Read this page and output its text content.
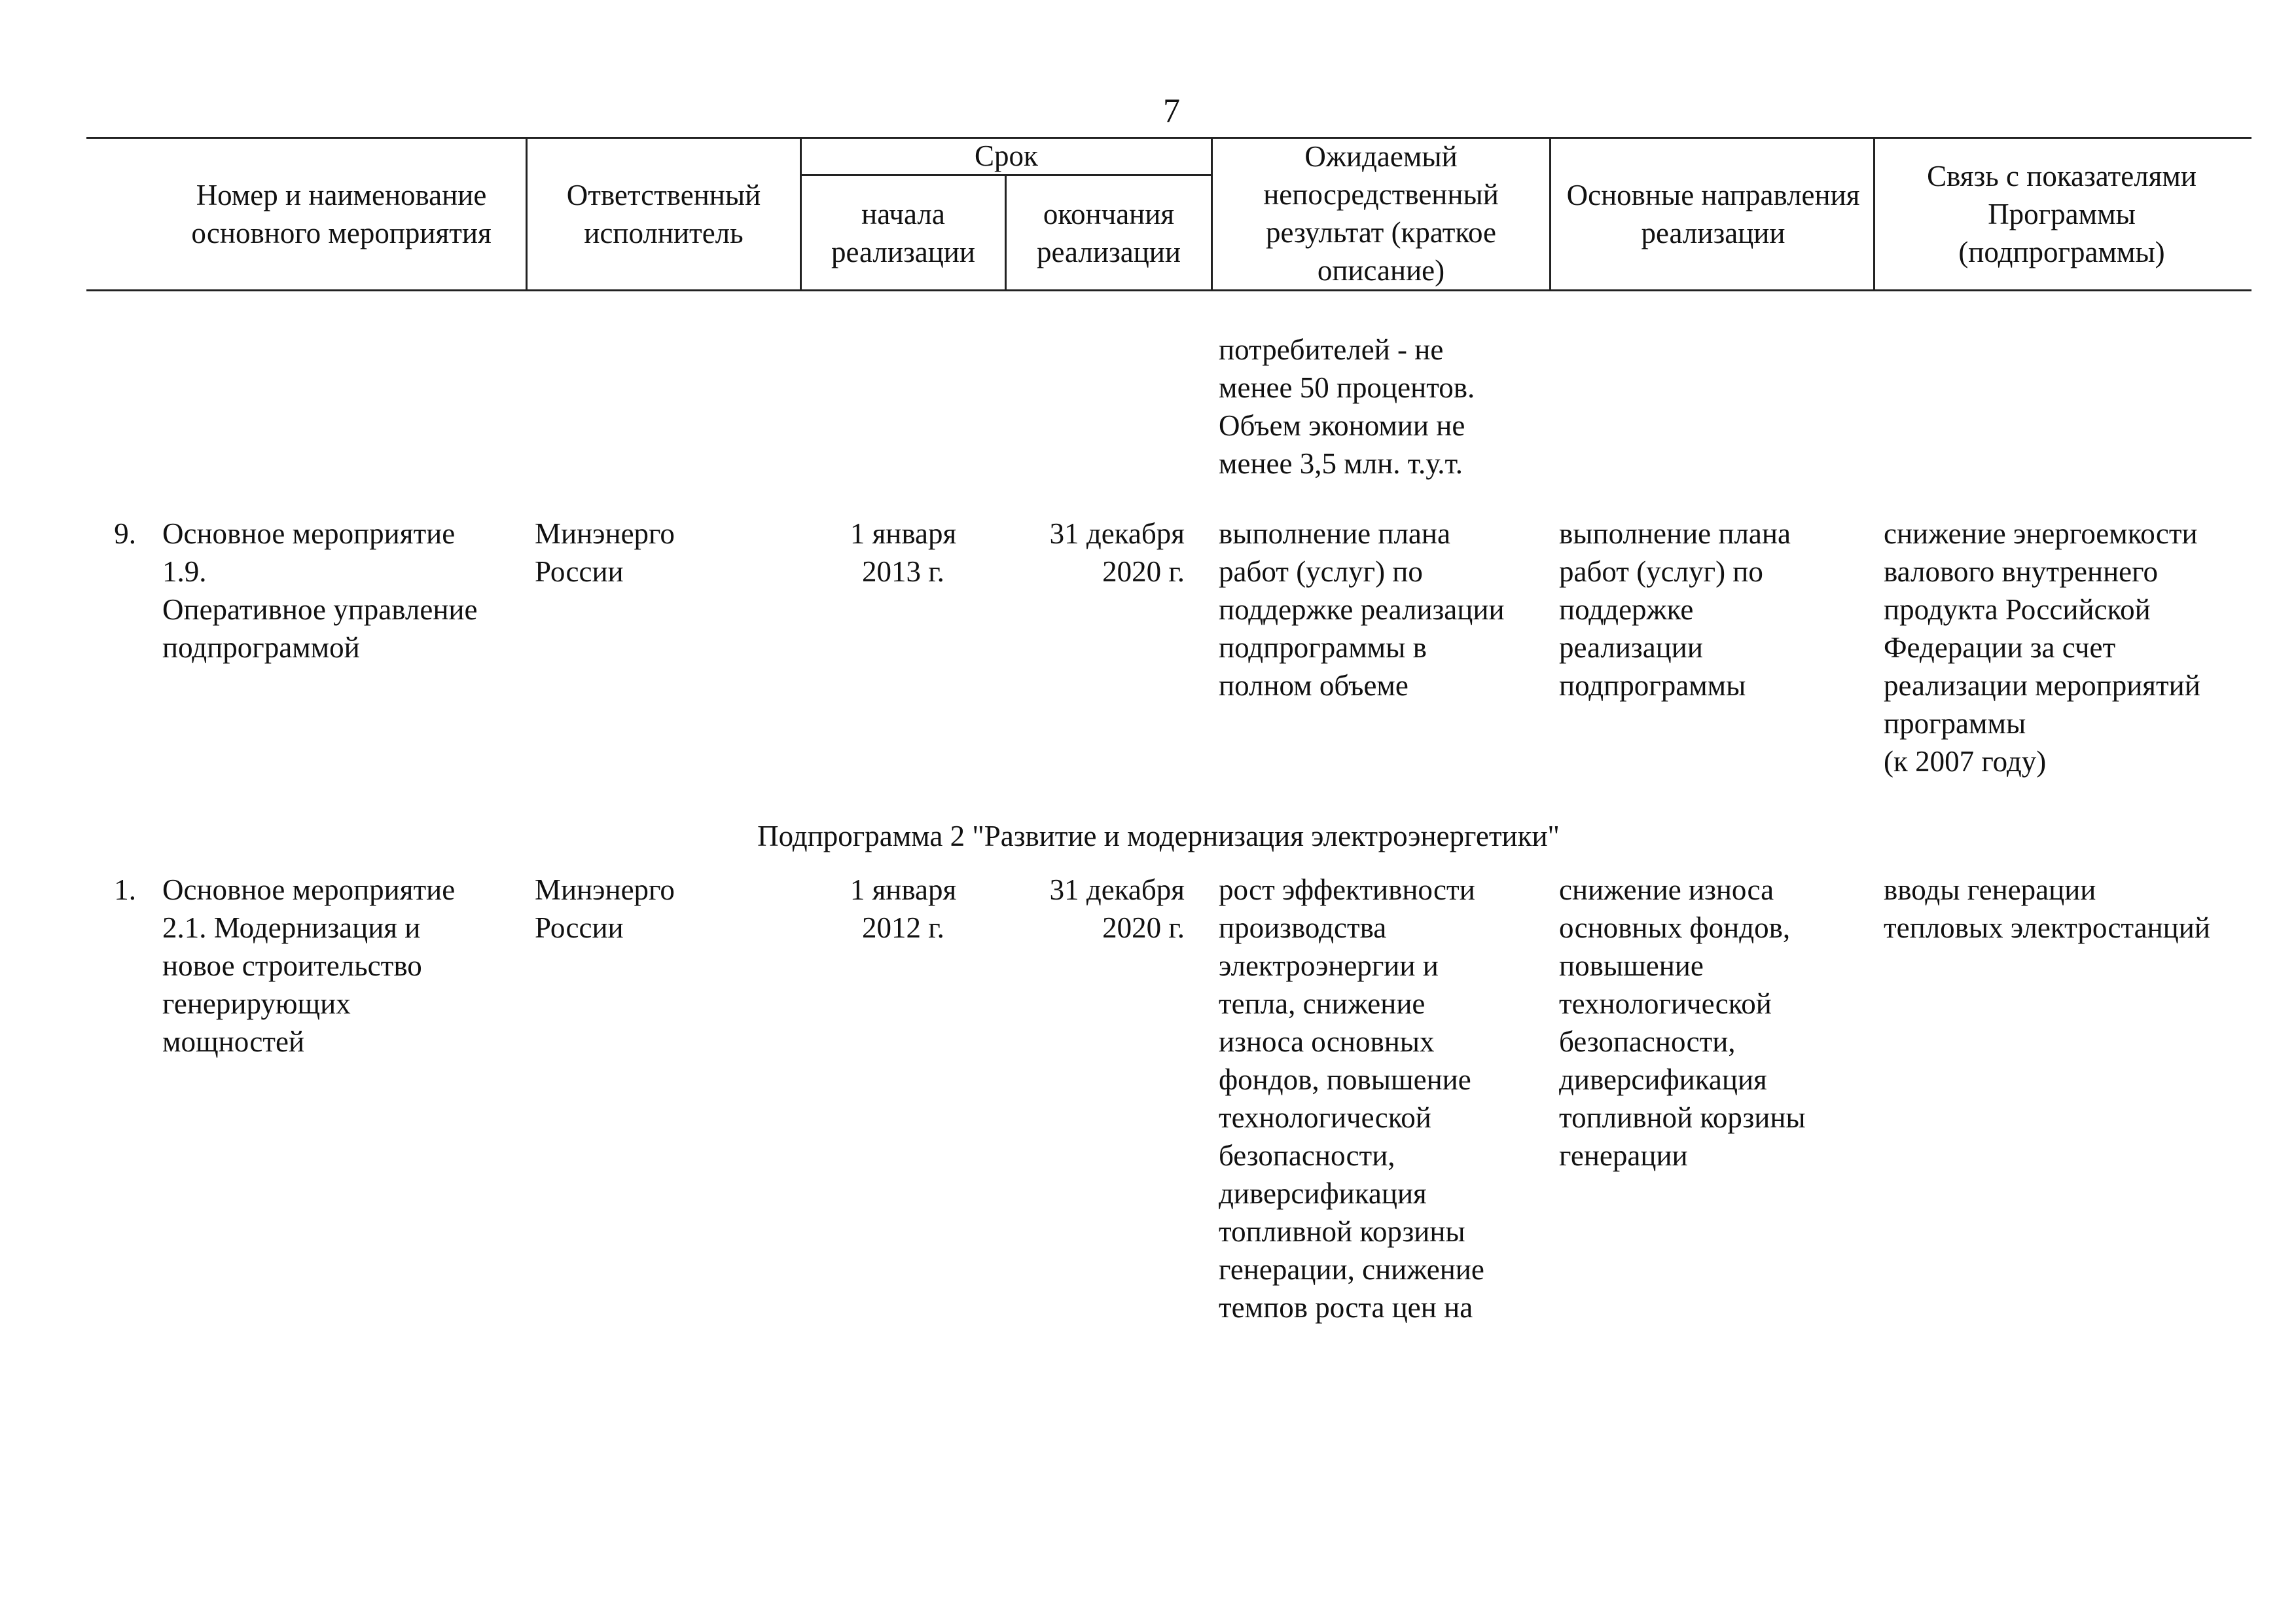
7
Номер и наименование основного мероприятия
Ответственный исполнитель
Срок
начала реализации
окончания реализации
Ожидаемый непосредственный результат (краткое описание)
Основные направления реализации
Связь с показателями Программы (подпрограммы)
потребителей - не
менее 50 процентов.
Объем экономии не
менее 3,5 млн. т.у.т.
9. Основное мероприятие
1.9.
Оперативное управление
подпрограммой
Минэнерго
России
1 января
2013 г.
31 декабря
2020 г.
выполнение плана
работ (услуг) по
поддержке реализации
подпрограммы в
полном объеме
выполнение плана
работ (услуг) по
поддержке
реализации
подпрограммы
снижение энергоемкости
валового внутреннего
продукта Российской
Федерации за счет
реализации мероприятий
программы
(к 2007 году)
Подпрограмма 2 "Развитие и модернизация электроэнергетики"
1. Основное мероприятие
2.1. Модернизация и
новое строительство
генерирующих
мощностей
Минэнерго
России
1 января
2012 г.
31 декабря
2020 г.
рост эффективности
производства
электроэнергии и
тепла, снижение
износа основных
фондов, повышение
технологической
безопасности,
диверсификация
топливной корзины
генерации, снижение
темпов роста цен на
снижение износа
основных фондов,
повышение
технологической
безопасности,
диверсификация
топливной корзины
генерации
вводы генерации
тепловых электростанций
